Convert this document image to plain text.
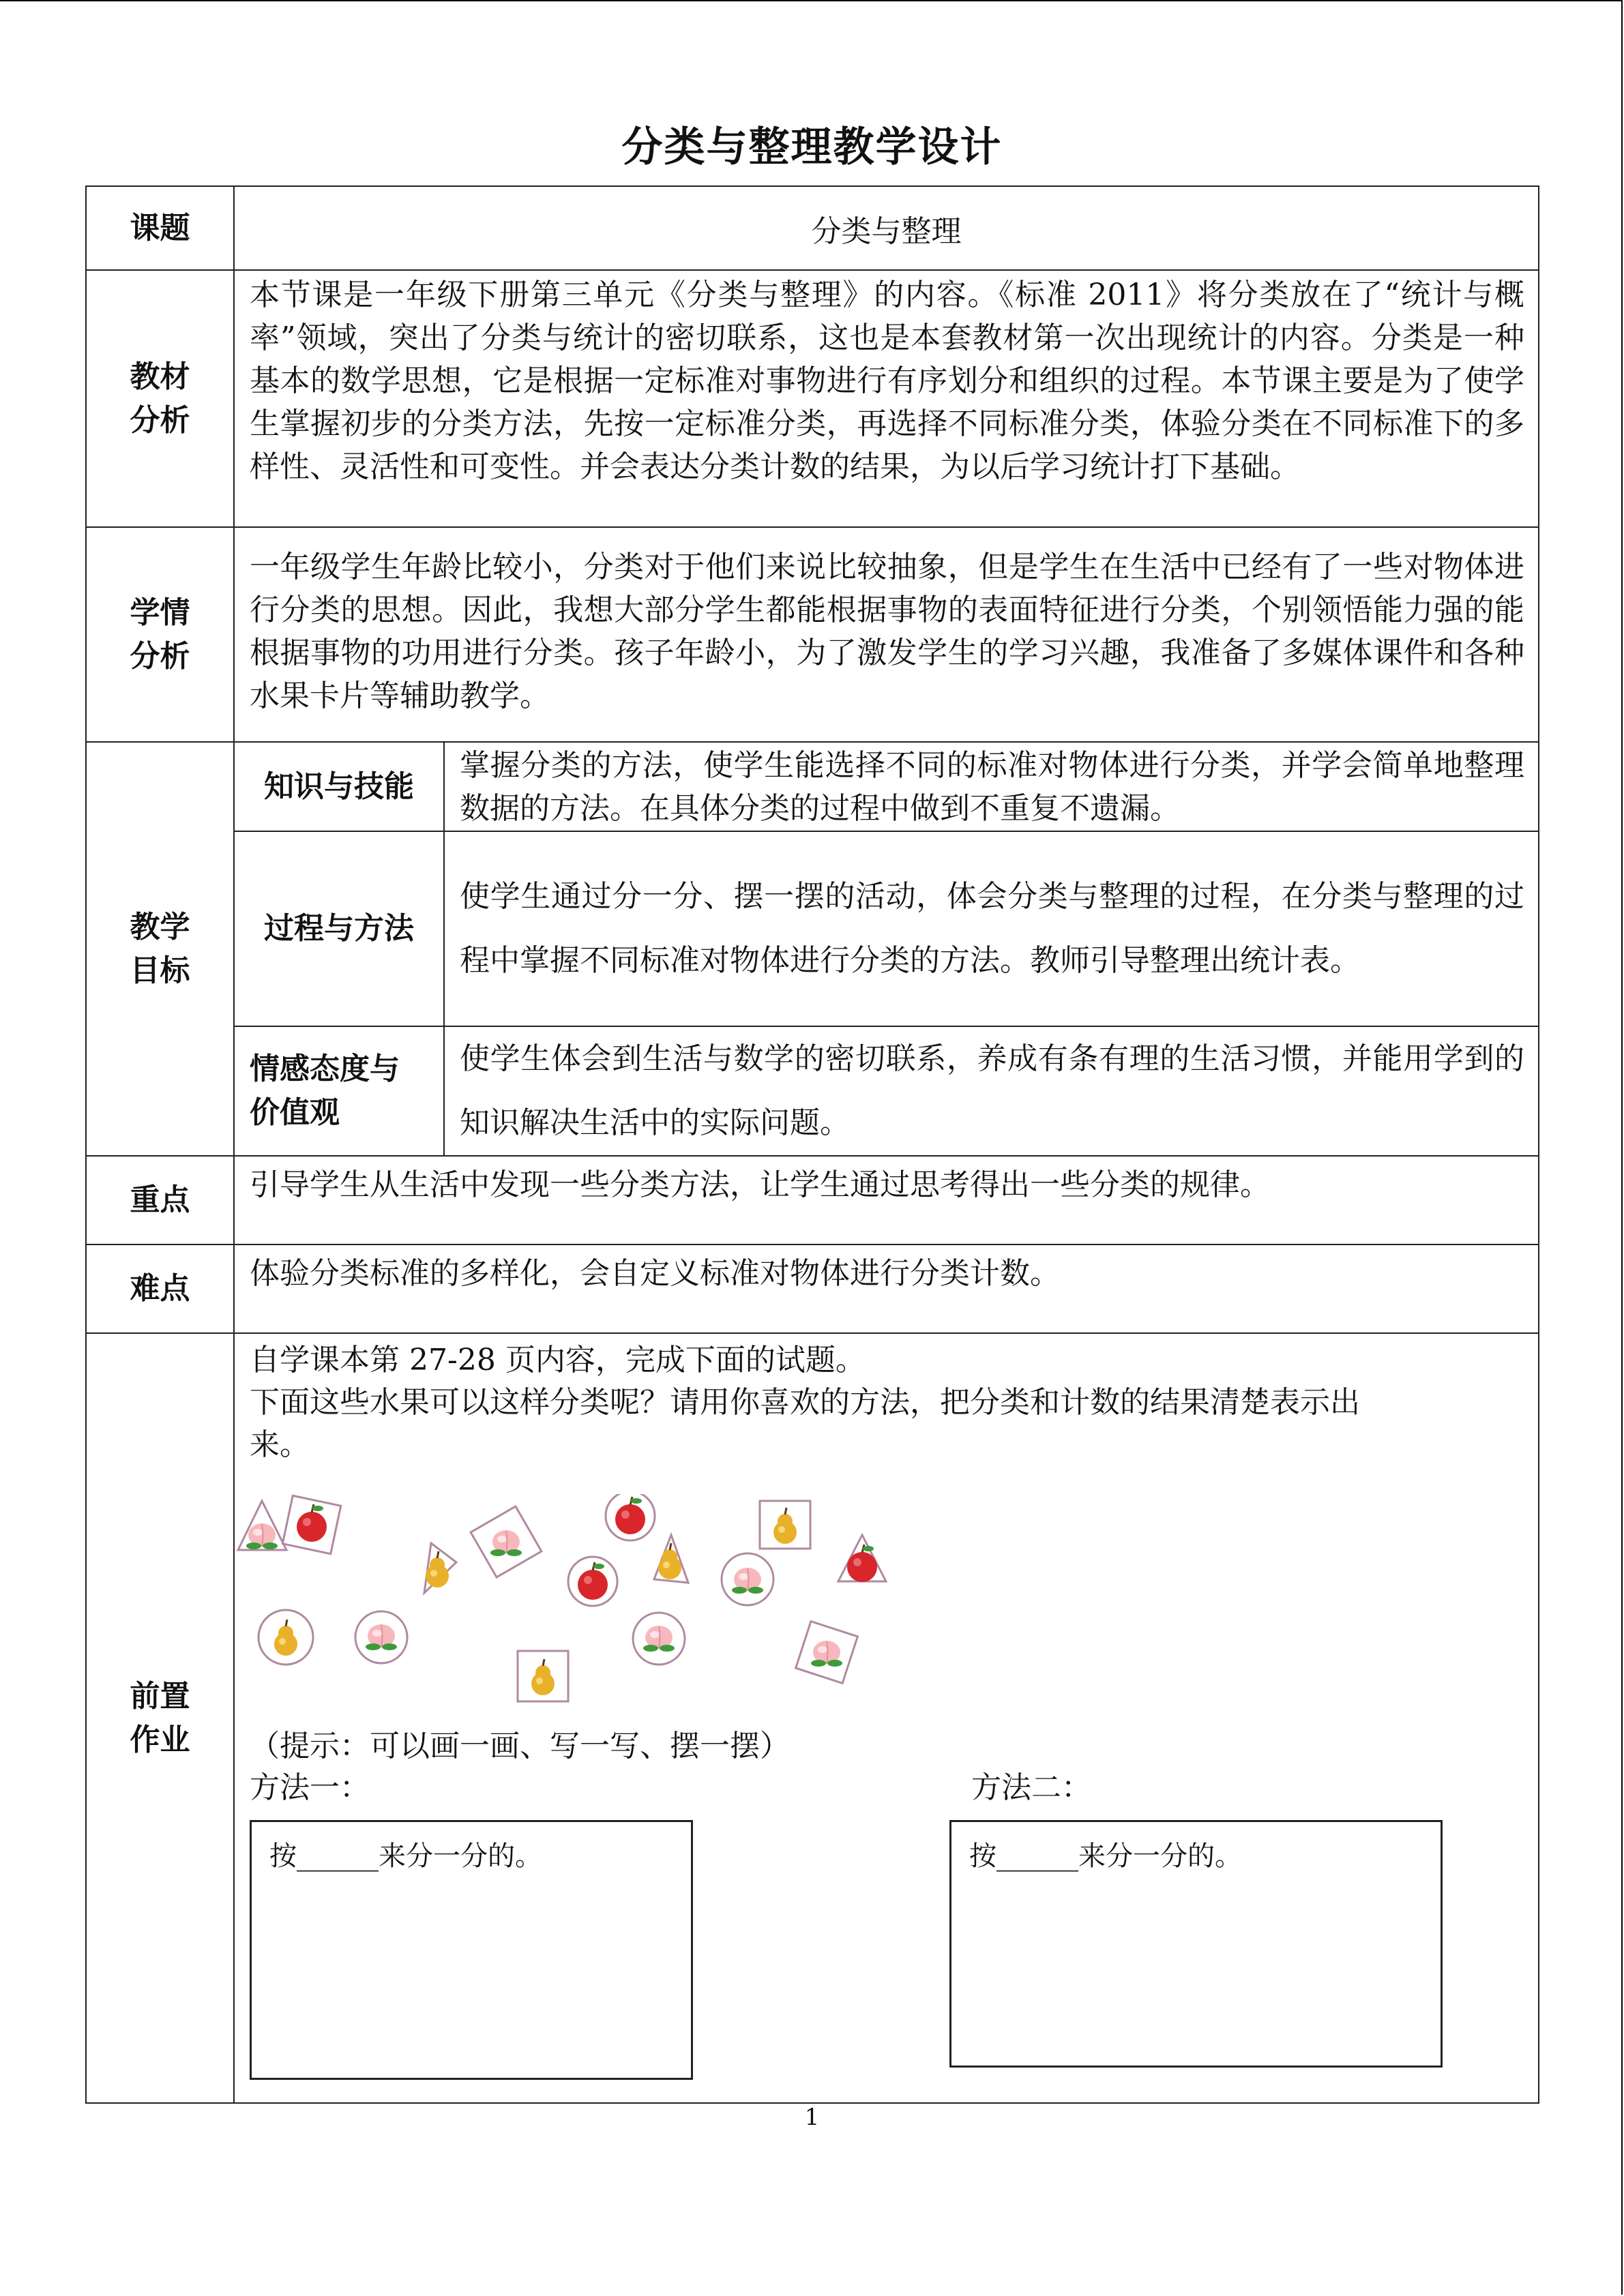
分类与整理教学设计
课题	分类与整理
教材
分析	本节课是一年级下册第三单元《分类与整理》的内容。《标准 2011》将分类放在了“统计与概率”领域，突出了分类与统计的密切联系，这也是本套教材第一次出现统计的内容。分类是一种基本的数学思想，它是根据一定标准对事物进行有序划分和组织的过程。本节课主要是为了使学生掌握初步的分类方法，先按一定标准分类，再选择不同标准分类，体验分类在不同标准下的多样性、灵活性和可变性。并会表达分类计数的结果，为以后学习统计打下基础。
学情
分析	一年级学生年龄比较小，分类对于他们来说比较抽象，但是学生在生活中已经有了一些对物体进行分类的思想。因此，我想大部分学生都能根据事物的表面特征进行分类，个别领悟能力强的能根据事物的功用进行分类。孩子年龄小，为了激发学生的学习兴趣，我准备了多媒体课件和各种水果卡片等辅助教学。
教学
目标	
知识与技能	掌握分类的方法，使学生能选择不同的标准对物体进行分类，并学会简单地整理数据的方法。在具体分类的过程中做到不重复不遗漏。
过程与方法	使学生通过分一分、摆一摆的活动，体会分类与整理的过程，在分类与整理的过程中掌握不同标准对物体进行分类的方法。教师引导整理出统计表。
情感态度与
价值观	使学生体会到生活与数学的密切联系，养成有条有理的生活习惯，并能用学到的知识解决生活中的实际问题。

重点	引导学生从生活中发现一些分类方法，让学生通过思考得出一些分类的规律。
难点	体验分类标准的多样化，会自定义标准对物体进行分类计数。
前置
作业	
自学课本第 27-28 页内容，完成下面的试题。
下面这些水果可以这样分类呢？请用你喜欢的方法，把分类和计数的结果清楚表示出
来。
（提示：可以画一画、写一写、摆一摆）
方法一：	方法二：
按______来分一分的。	按______来分一分的。
1
